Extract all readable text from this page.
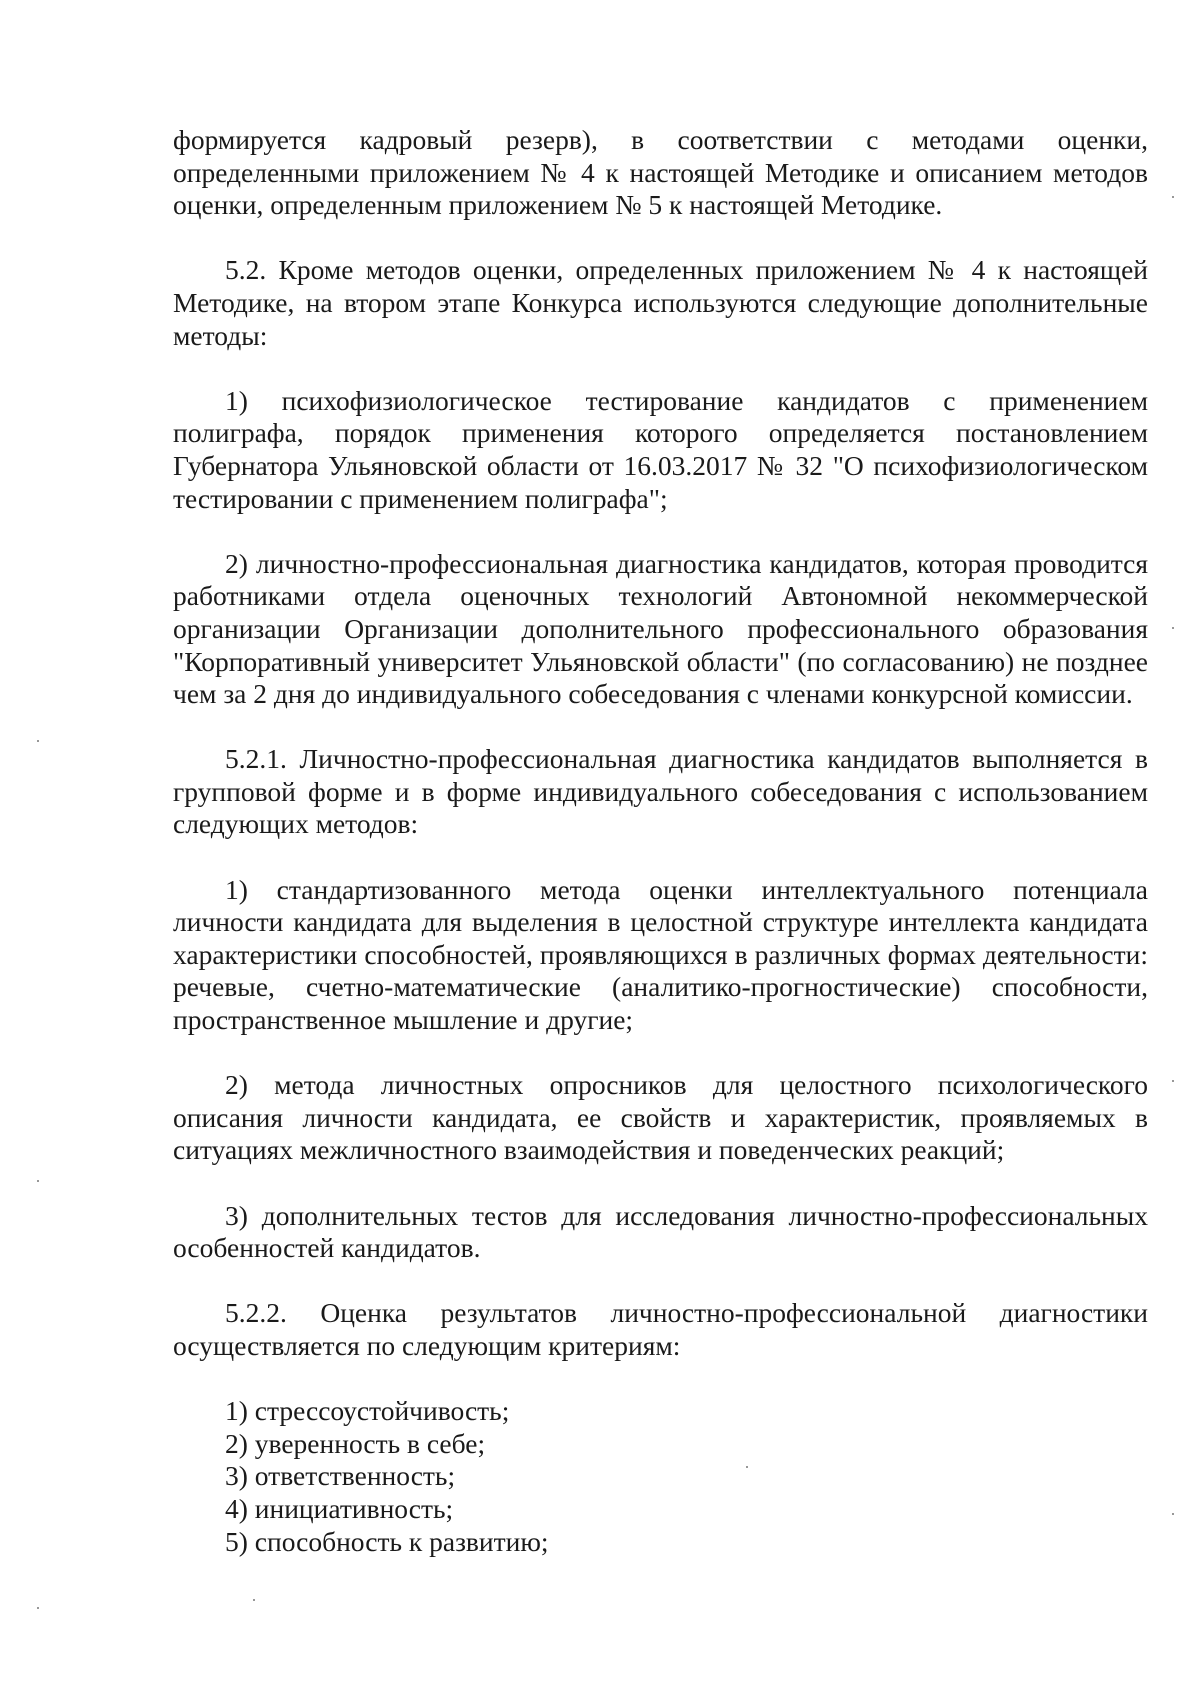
формируется кадровый резерв), в соответствии с методами оценки, определенными приложением № 4 к настоящей Методике и описанием методов оценки, определенным приложением № 5 к настоящей Методике.

5.2. Кроме методов оценки, определенных приложением № 4 к настоящей Методике, на втором этапе Конкурса используются следующие дополнительные методы:

1) психофизиологическое тестирование кандидатов с применением полиграфа, порядок применения которого определяется постановлением Губернатора Ульяновской области от 16.03.2017 № 32 "О психофизиологическом тестировании с применением полиграфа";

2) личностно-профессиональная диагностика кандидатов, которая проводится работниками отдела оценочных технологий Автономной некоммерческой организации Организации дополнительного профессионального образования "Корпоративный университет Ульяновской области" (по согласованию) не позднее чем за 2 дня до индивидуального собеседования с членами конкурсной комиссии.

5.2.1. Личностно-профессиональная диагностика кандидатов выполняется в групповой форме и в форме индивидуального собеседования с использованием следующих методов:

1) стандартизованного метода оценки интеллектуального потенциала личности кандидата для выделения в целостной структуре интеллекта кандидата характеристики способностей, проявляющихся в различных формах деятельности: речевые, счетно-математические (аналитико-прогностические) способности, пространственное мышление и другие;

2) метода личностных опросников для целостного психологического описания личности кандидата, ее свойств и характеристик, проявляемых в ситуациях межличностного взаимодействия и поведенческих реакций;

3) дополнительных тестов для исследования личностно-профессиональных особенностей кандидатов.

5.2.2. Оценка результатов личностно-профессиональной диагностики осуществляется по следующим критериям:

1) стрессоустойчивость;
2) уверенность в себе;
3) ответственность;
4) инициативность;
5) способность к развитию;
